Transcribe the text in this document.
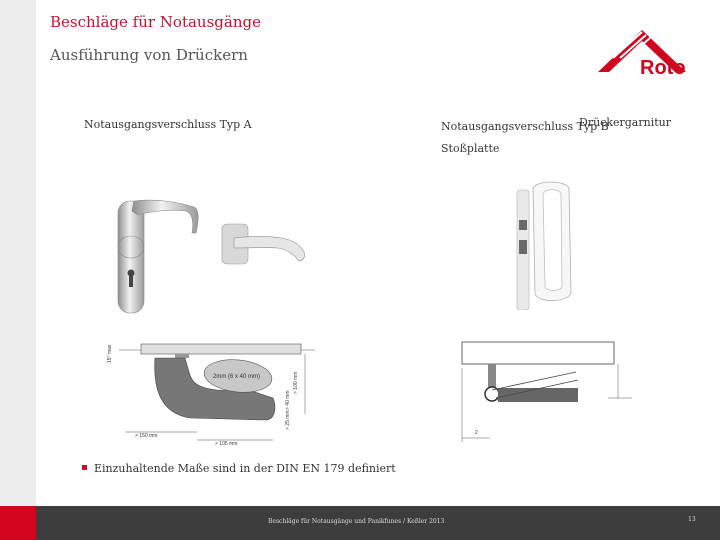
Beschläge für Notausgänge
Ausführung von Drückern
Roto
Notausgangsverschluss Typ A	Notausgangsverschluss Typ B
Drückergarnitur
Stoßplatte
2mm (6 x 40 mm)
15° max
> 100 mm
> 40 mm
> 25 mm
> 150 mm
> 105 mm
2
Einzuhaltende Maße sind in der DIN EN 179 definiert
Beschläge für Notausgänge und Panikfunes / Keßler 2013	13
